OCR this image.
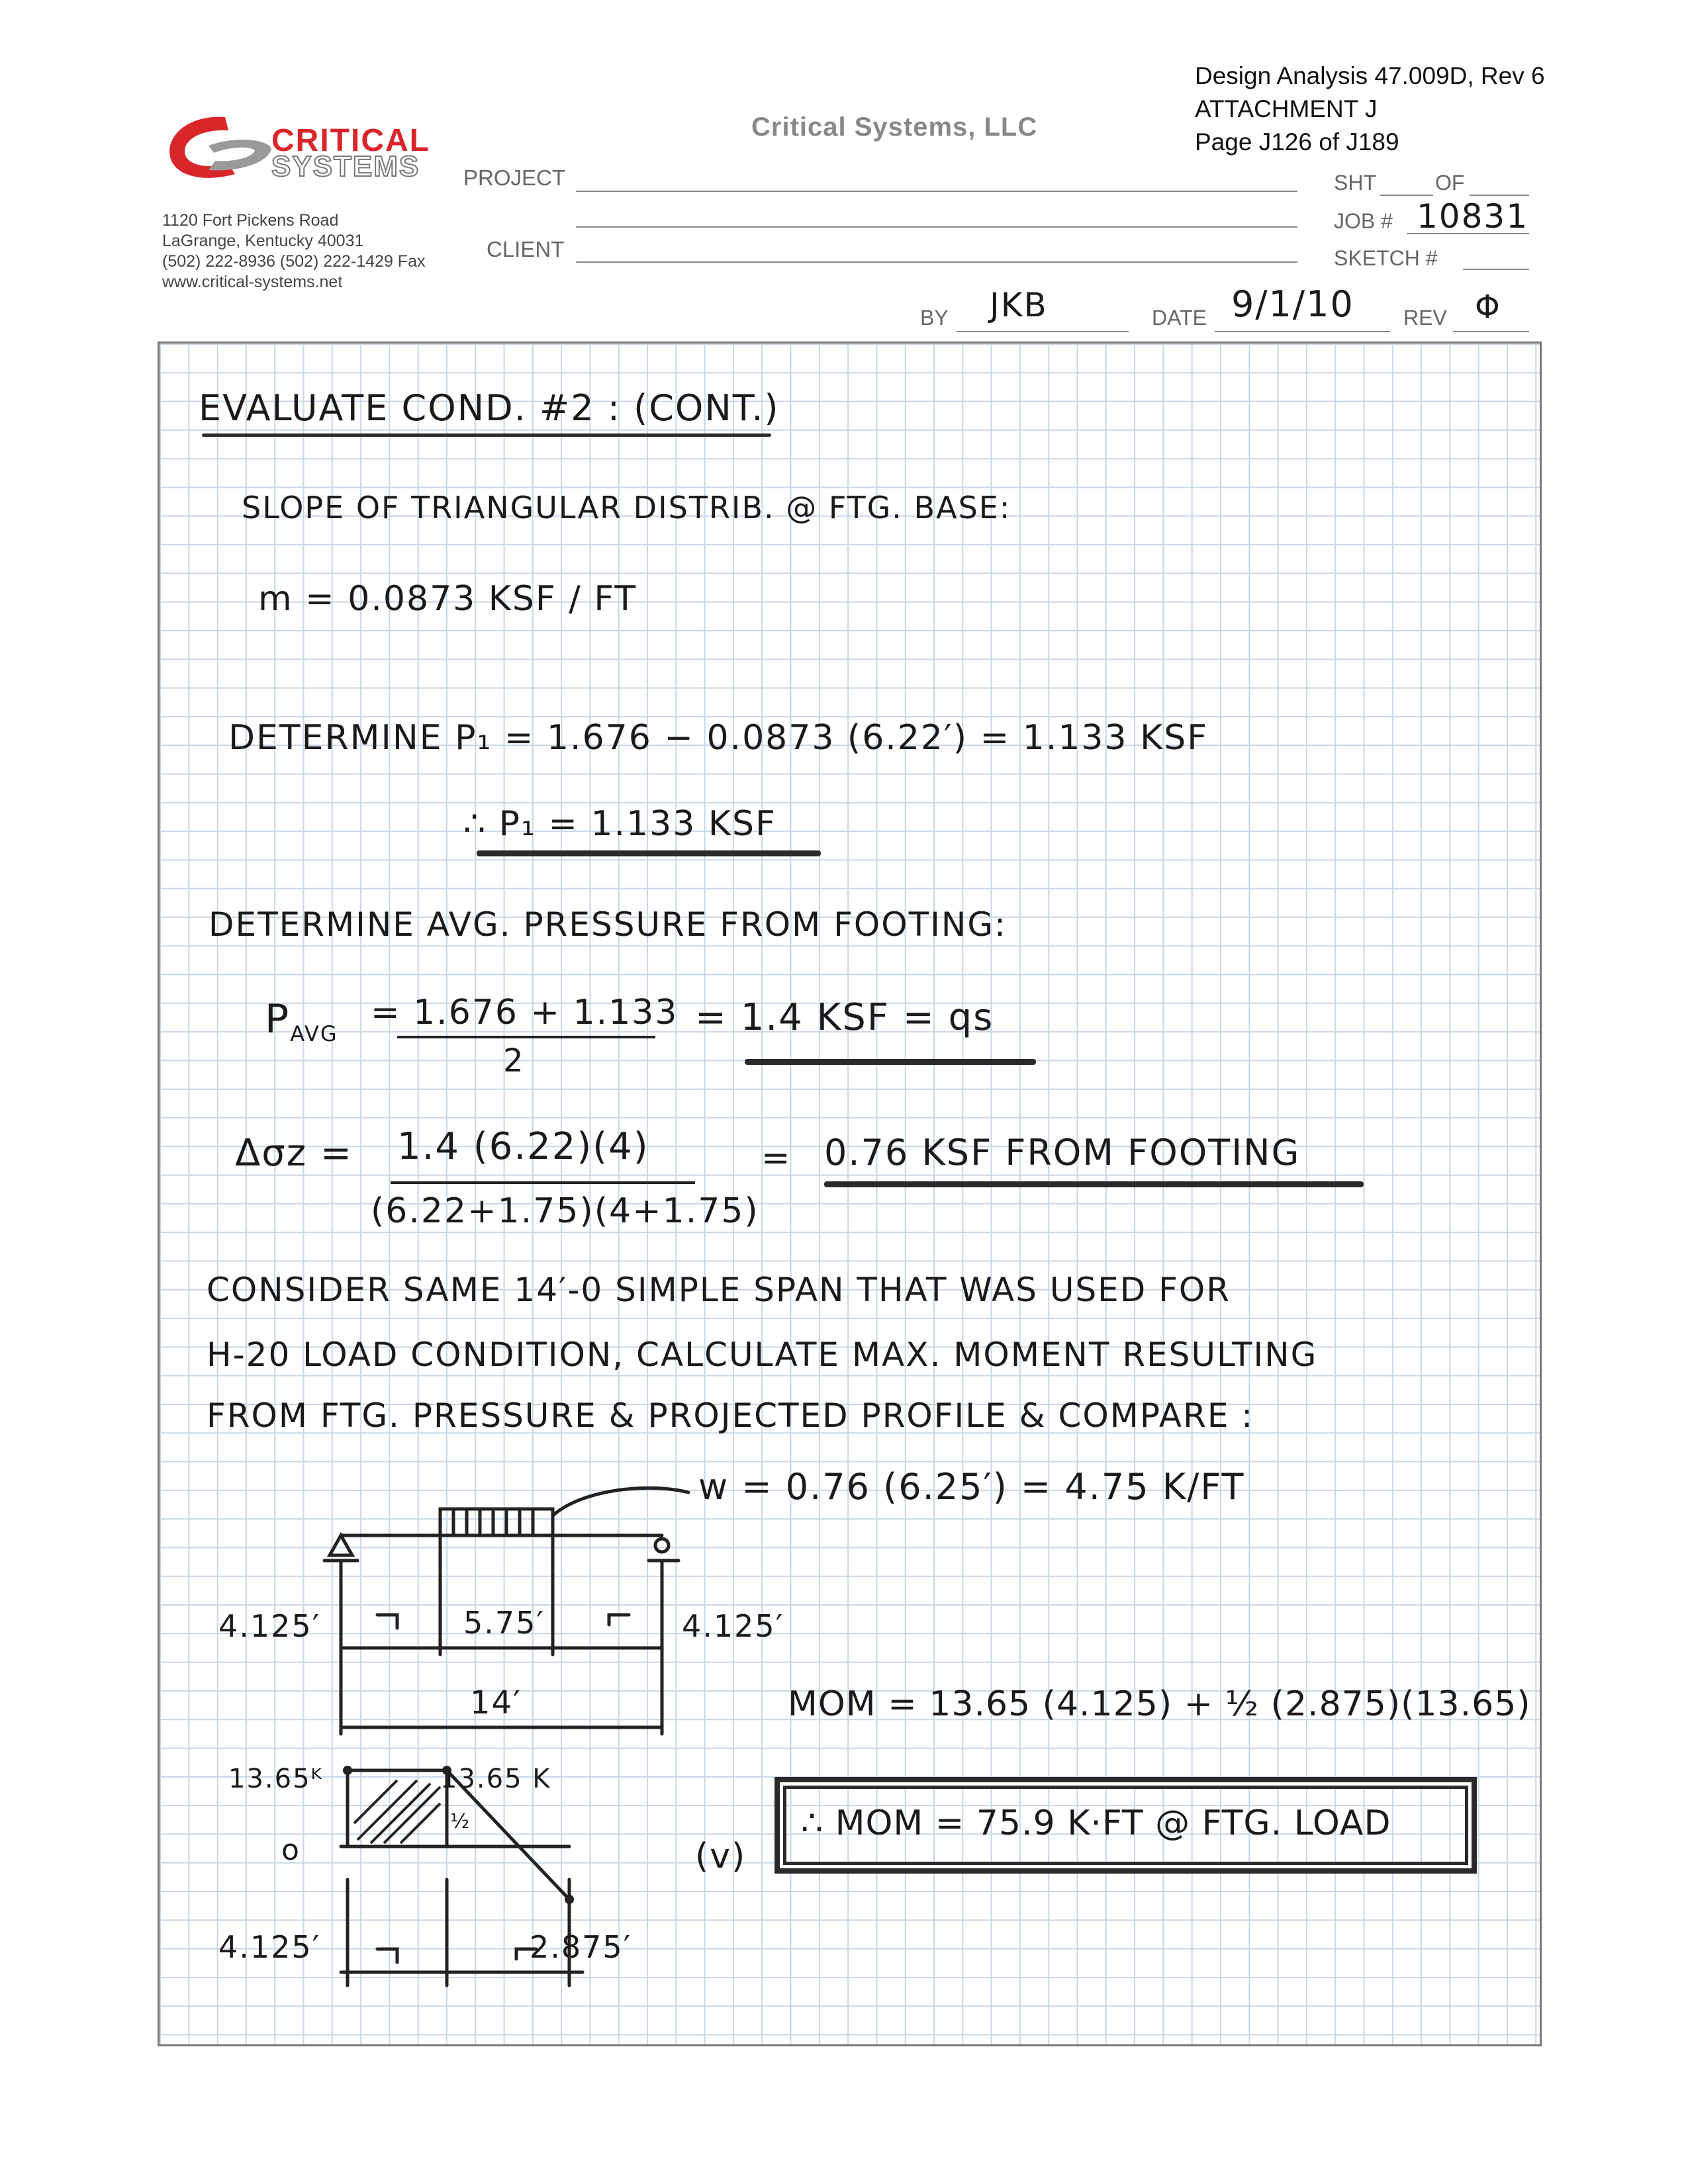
Design Analysis 47.009D, Rev 6
ATTACHMENT J
Page J126 of J189
CRITICAL
SYSTEMS
Critical Systems, LLC
1120 Fort Pickens Road
LaGrange, Kentucky 40031
(502) 222-8936 (502) 222-1429 Fax
www.critical-systems.net
PROJECT
CLIENT
SHT	OF
JOB # 10831
SKETCH #
BY JKB	DATE 9/1/10 REV Φ
EVALUATE COND. #2 : (CONT.)
SLOPE OF TRIANGULAR DISTRIB. @ FTG. BASE:
m = 0.0873 KSF / FT
DETERMINE P₁ = 1.676 − 0.0873 (6.22′) = 1.133 KSF
∴ P₁ = 1.133 KSF
DETERMINE AVG. PRESSURE FROM FOOTING:
$P_{AVG}$
= 1.676 + 1.133
2
= 1.4 KSF = qs
Δσz = 1.4 (6.22)(4)
(6.22+1.75)(4+1.75)
= 0.76 KSF FROM FOOTING
CONSIDER SAME 14′-0 SIMPLE SPAN THAT WAS USED FOR
H-20 LOAD CONDITION, CALCULATE MAX. MOMENT RESULTING
FROM FTG. PRESSURE & PROJECTED PROFILE & COMPARE :
w = 0.76 (6.25′) = 4.75 K/FT
4.125′	5.75′	4.125′
14′
13.65ᴷ	13.65 K
o
½
(v)
4.125′	2.875′
MOM = 13.65 (4.125) + ½ (2.875)(13.65)
∴ MOM = 75.9 K·FT @ FTG. LOAD
